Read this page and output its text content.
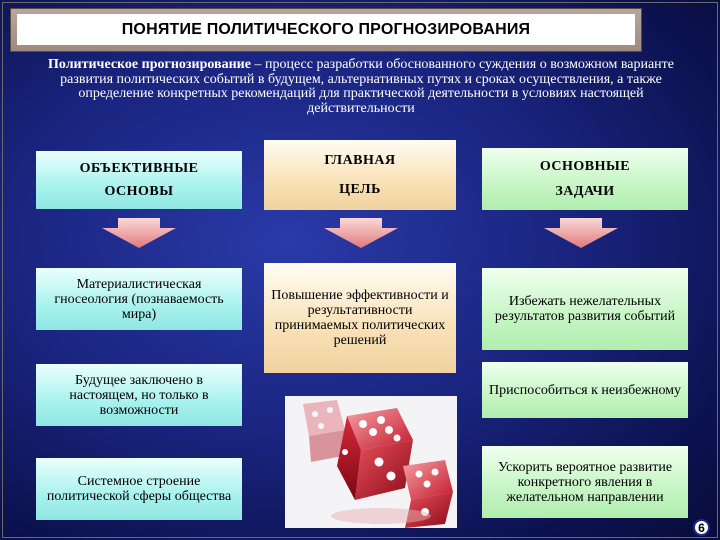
ПОНЯТИЕ ПОЛИТИЧЕСКОГО ПРОГНОЗИРОВАНИЯ
Политическое прогнозирование – процесс разработки обоснованного суждения о возможном варианте развития политических событий в будущем, альтернативных путях и сроках осуществления, а также определение конкретных рекомендаций для практической деятельности в условиях настоящей действительности
ОБЪЕКТИВНЫЕ
ОСНОВЫ
ГЛАВНАЯ
ЦЕЛЬ
ОСНОВНЫЕ
ЗАДАЧИ
Материалистическая гносеология (познаваемость мира)
Будущее заключено в настоящем, но только в возможности
Системное строение политической сферы общества
Повышение эффективности и результативности принимаемых политических решений
Избежать нежелательных результатов развития событий
Приспособиться к неизбежному
Ускорить вероятное развитие конкретного явления в желательном направлении
6
